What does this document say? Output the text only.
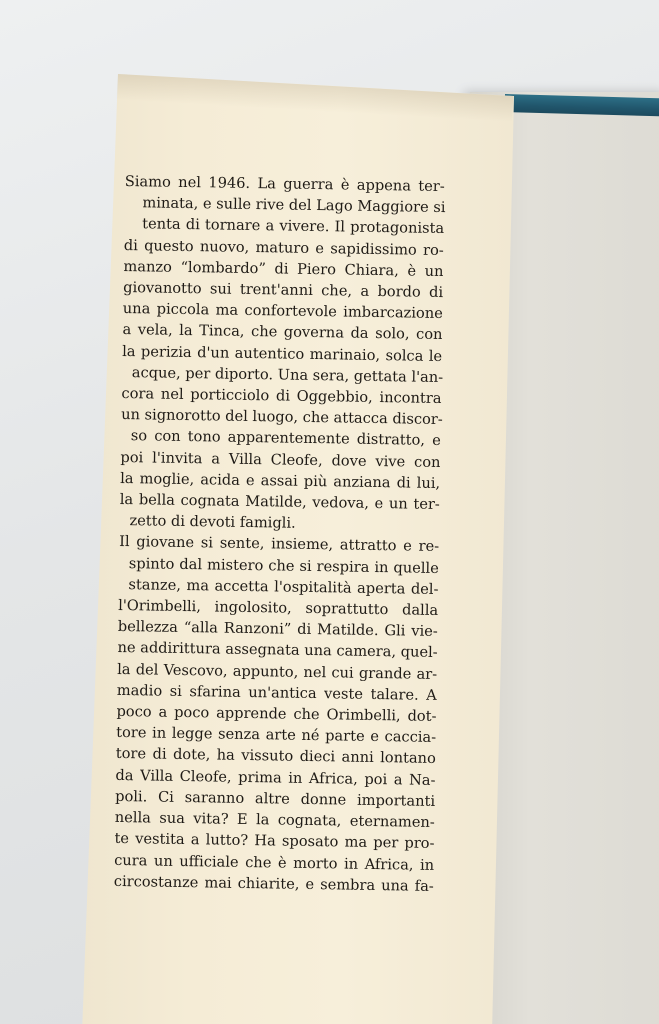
Siamo nel 1946. La guerra è appena ter-
minata, e sulle rive del Lago Maggiore si
tenta di tornare a vivere. Il protagonista
di questo nuovo, maturo e sapidissimo ro-
manzo “lombardo” di Piero Chiara, è un
giovanotto sui trent'anni che, a bordo di
una piccola ma confortevole imbarcazione
a vela, la Tinca, che governa da solo, con
la perizia d'un autentico marinaio, solca le
acque, per diporto. Una sera, gettata l'an-
cora nel porticciolo di Oggebbio, incontra
un signorotto del luogo, che attacca discor-
so con tono apparentemente distratto, e
poi l'invita a Villa Cleofe, dove vive con
la moglie, acida e assai più anziana di lui,
la bella cognata Matilde, vedova, e un ter-
zetto di devoti famigli.
Il giovane si sente, insieme, attratto e re-
spinto dal mistero che si respira in quelle
stanze, ma accetta l'ospitalità aperta del-
l'Orimbelli, ingolosito, soprattutto dalla
bellezza “alla Ranzoni” di Matilde. Gli vie-
ne addirittura assegnata una camera, quel-
la del Vescovo, appunto, nel cui grande ar-
madio si sfarina un'antica veste talare. A
poco a poco apprende che Orimbelli, dot-
tore in legge senza arte né parte e caccia-
tore di dote, ha vissuto dieci anni lontano
da Villa Cleofe, prima in Africa, poi a Na-
poli. Ci saranno altre donne importanti
nella sua vita? E la cognata, eternamen-
te vestita a lutto? Ha sposato ma per pro-
cura un ufficiale che è morto in Africa, in
circostanze mai chiarite, e sembra una fa-
